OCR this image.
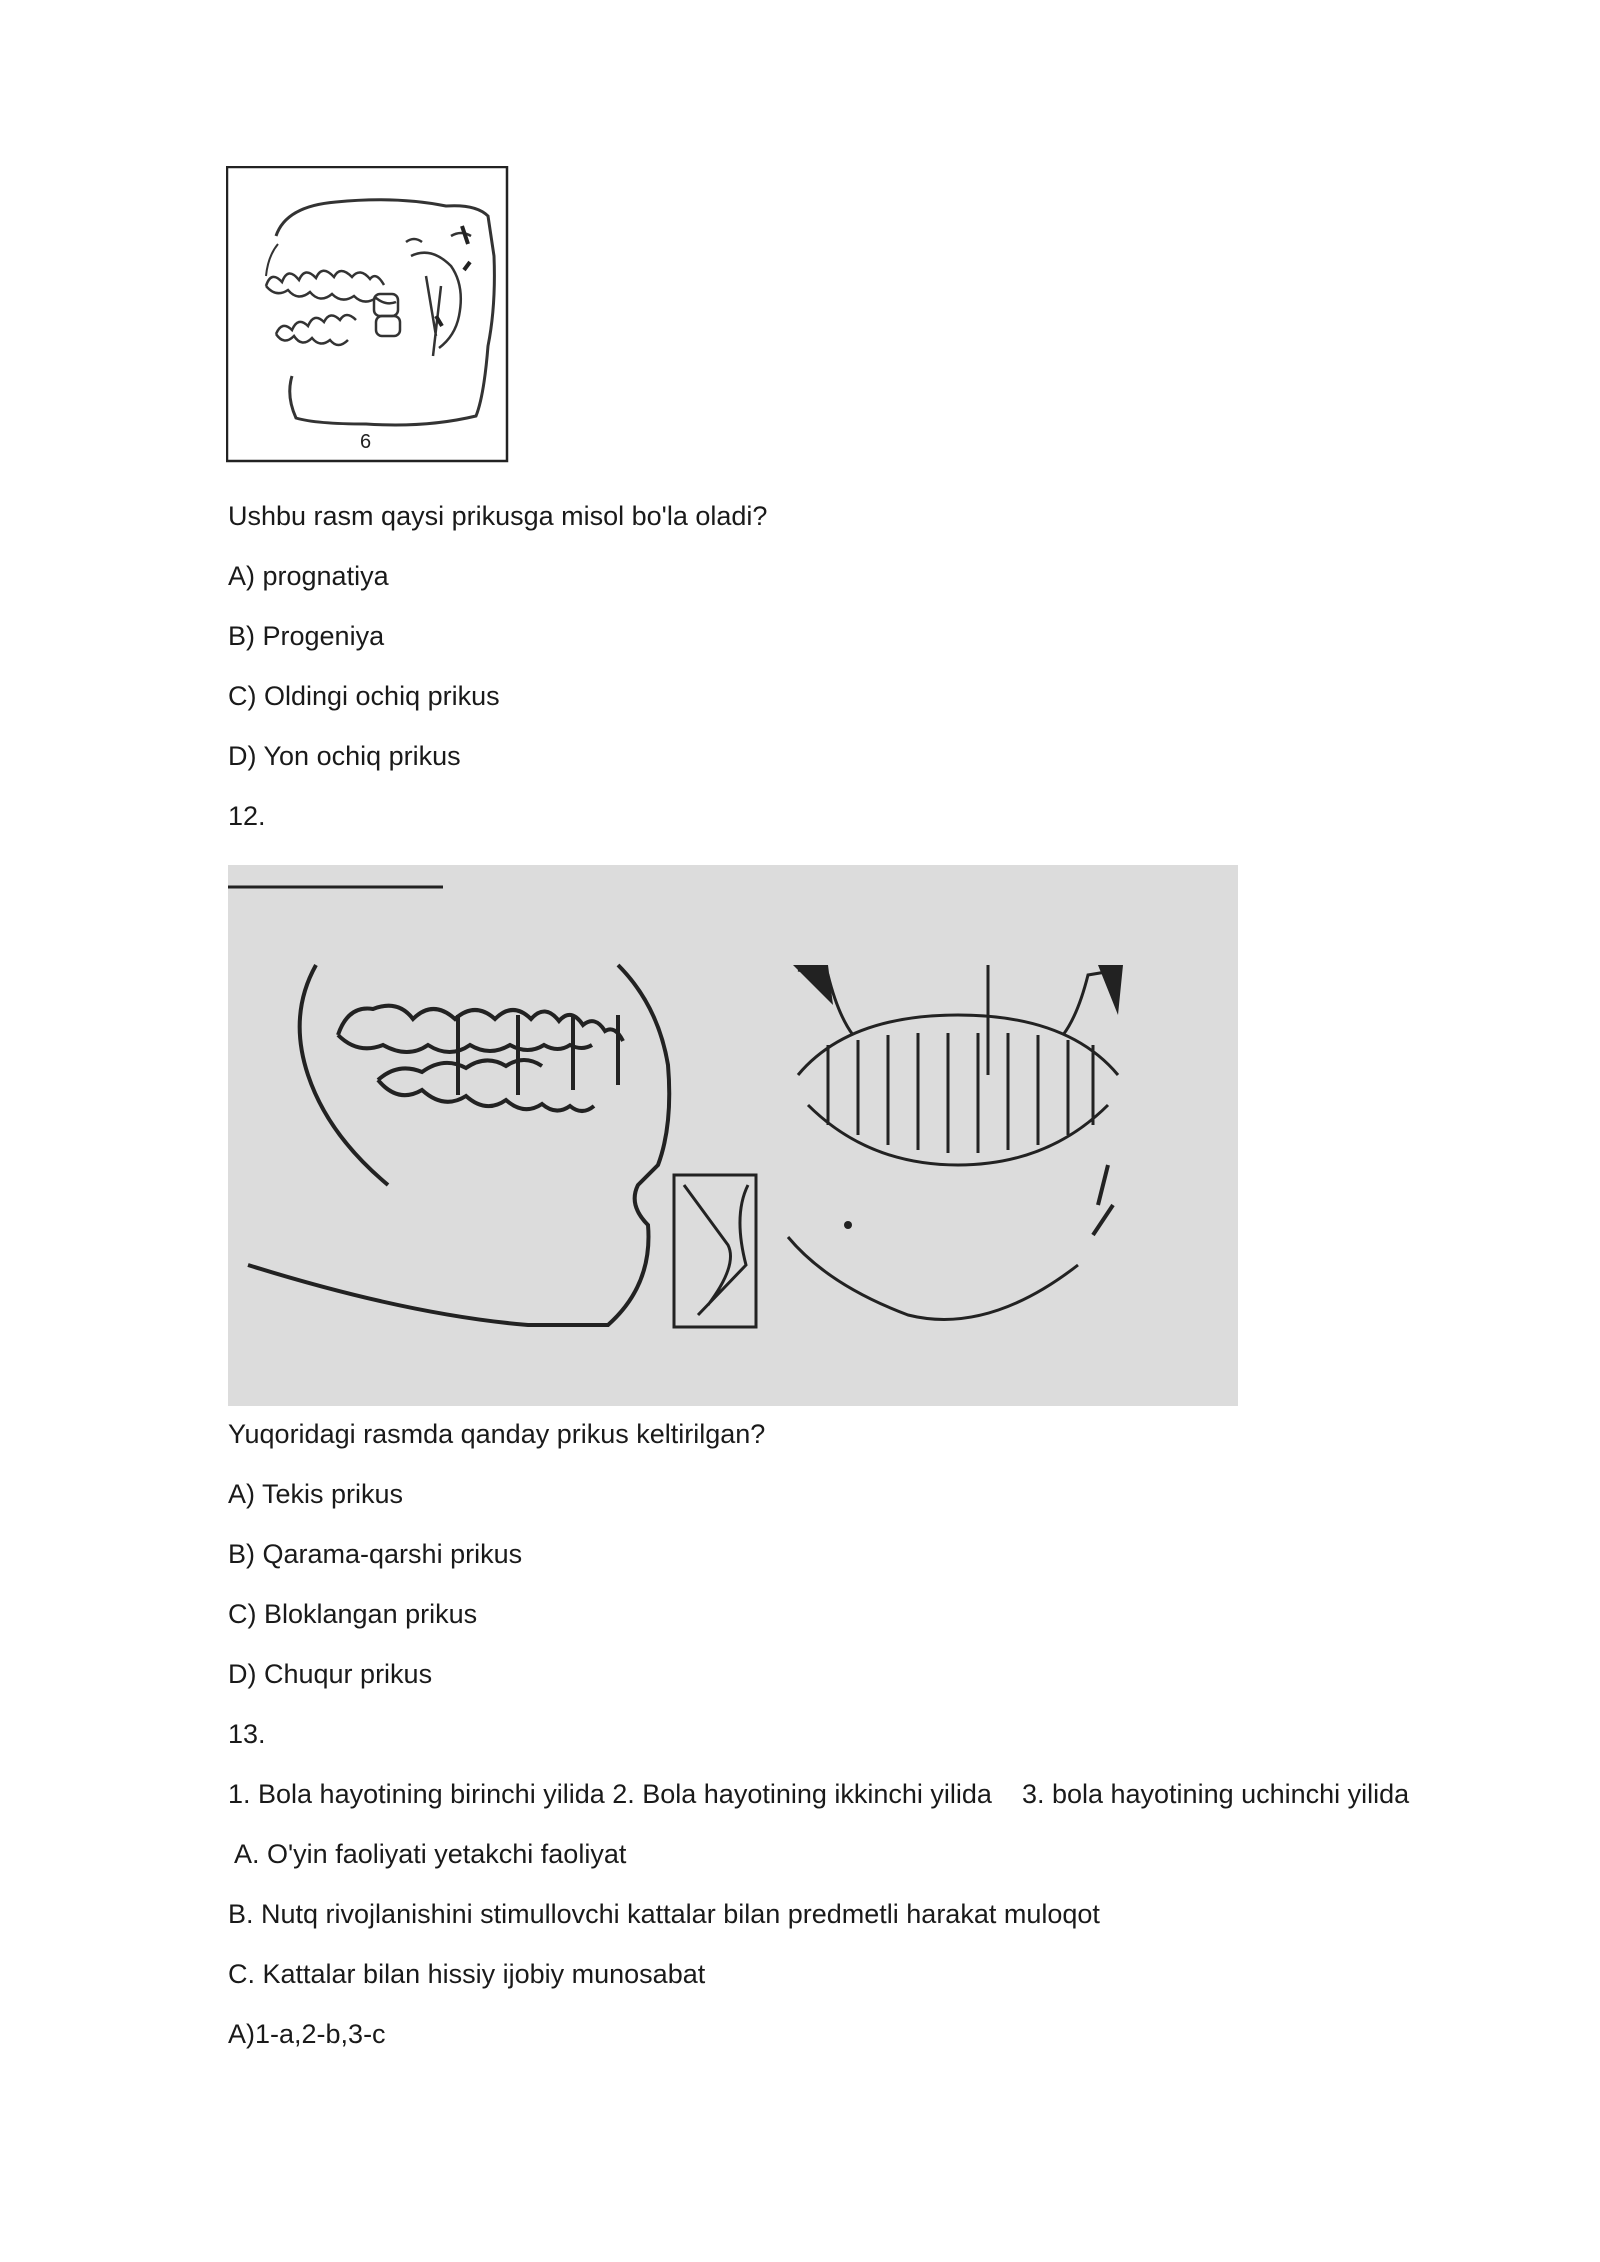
6
Ushbu rasm qaysi prikusga misol bo'la oladi?
A) prognatiya
B) Progeniya
C) Oldingi ochiq prikus
D) Yon ochiq prikus
12.
Yuqoridagi rasmda qanday prikus keltirilgan?
A) Tekis prikus
B) Qarama-qarshi prikus
C) Bloklangan prikus
D) Chuqur prikus
13.
1. Bola hayotining birinchi yilida 2. Bola hayotining ikkinchi yilida    3. bola hayotining uchinchi yilida
A. O'yin faoliyati yetakchi faoliyat
B. Nutq rivojlanishini stimullovchi kattalar bilan predmetli harakat muloqot
C. Kattalar bilan hissiy ijobiy munosabat
A)1-a,2-b,3-c
